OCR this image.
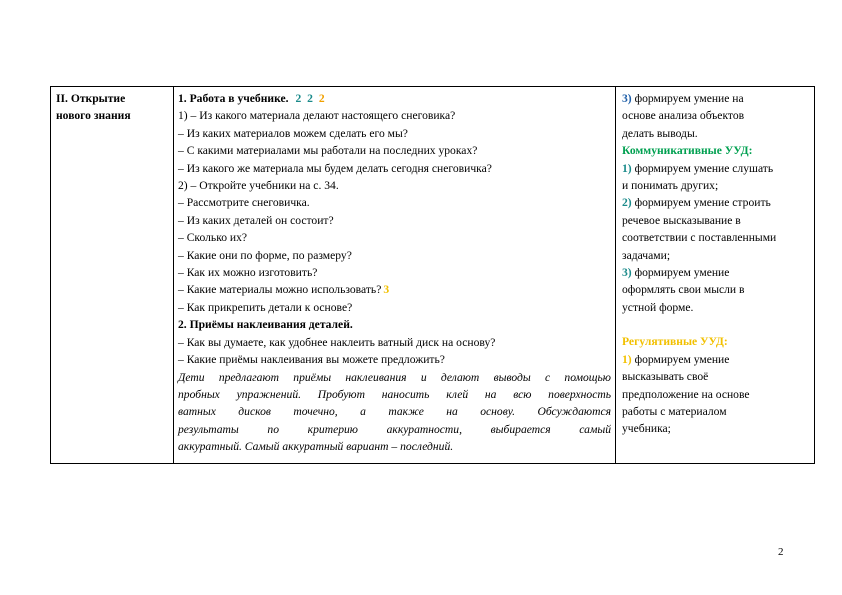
II. Открытие
нового знания
1. Работа в учебнике. 2 2 2
1) – Из какого материала делают настоящего снеговика?
– Из каких материалов можем сделать его мы?
– С какими материалами мы работали на последних уроках?
– Из какого же материала мы будем делать сегодня снеговичка?
2) – Откройте учебники на с. 34.
– Рассмотрите снеговичка.
– Из каких деталей он состоит?
– Сколько их?
– Какие они по форме, по размеру?
– Как их можно изготовить?
– Какие материалы можно использовать? 3
– Как прикрепить детали к основе?
2. Приёмы наклеивания деталей.
– Как вы думаете, как удобнее наклеить ватный диск на основу?
– Какие приёмы наклеивания вы можете предложить?
Дети предлагают приёмы наклеивания и делают выводы с помощью
пробных упражнений. Пробуют наносить клей на всю поверхность
ватных дисков точечно, а также на основу. Обсуждаются
результаты по критерию аккуратности, выбирается самый
аккуратный. Самый аккуратный вариант – последний.
3) формируем умение на
основе анализа объектов
делать выводы.
Коммуникативные УУД:
1) формируем умение слушать
и понимать других;
2) формируем умение строить
речевое высказывание в
соответствии с поставленными
задачами;
3) формируем умение
оформлять свои мысли в
устной форме.
Регулятивные УУД:
1) формируем умение
высказывать своё
предположение на основе
работы с материалом
учебника;
2
